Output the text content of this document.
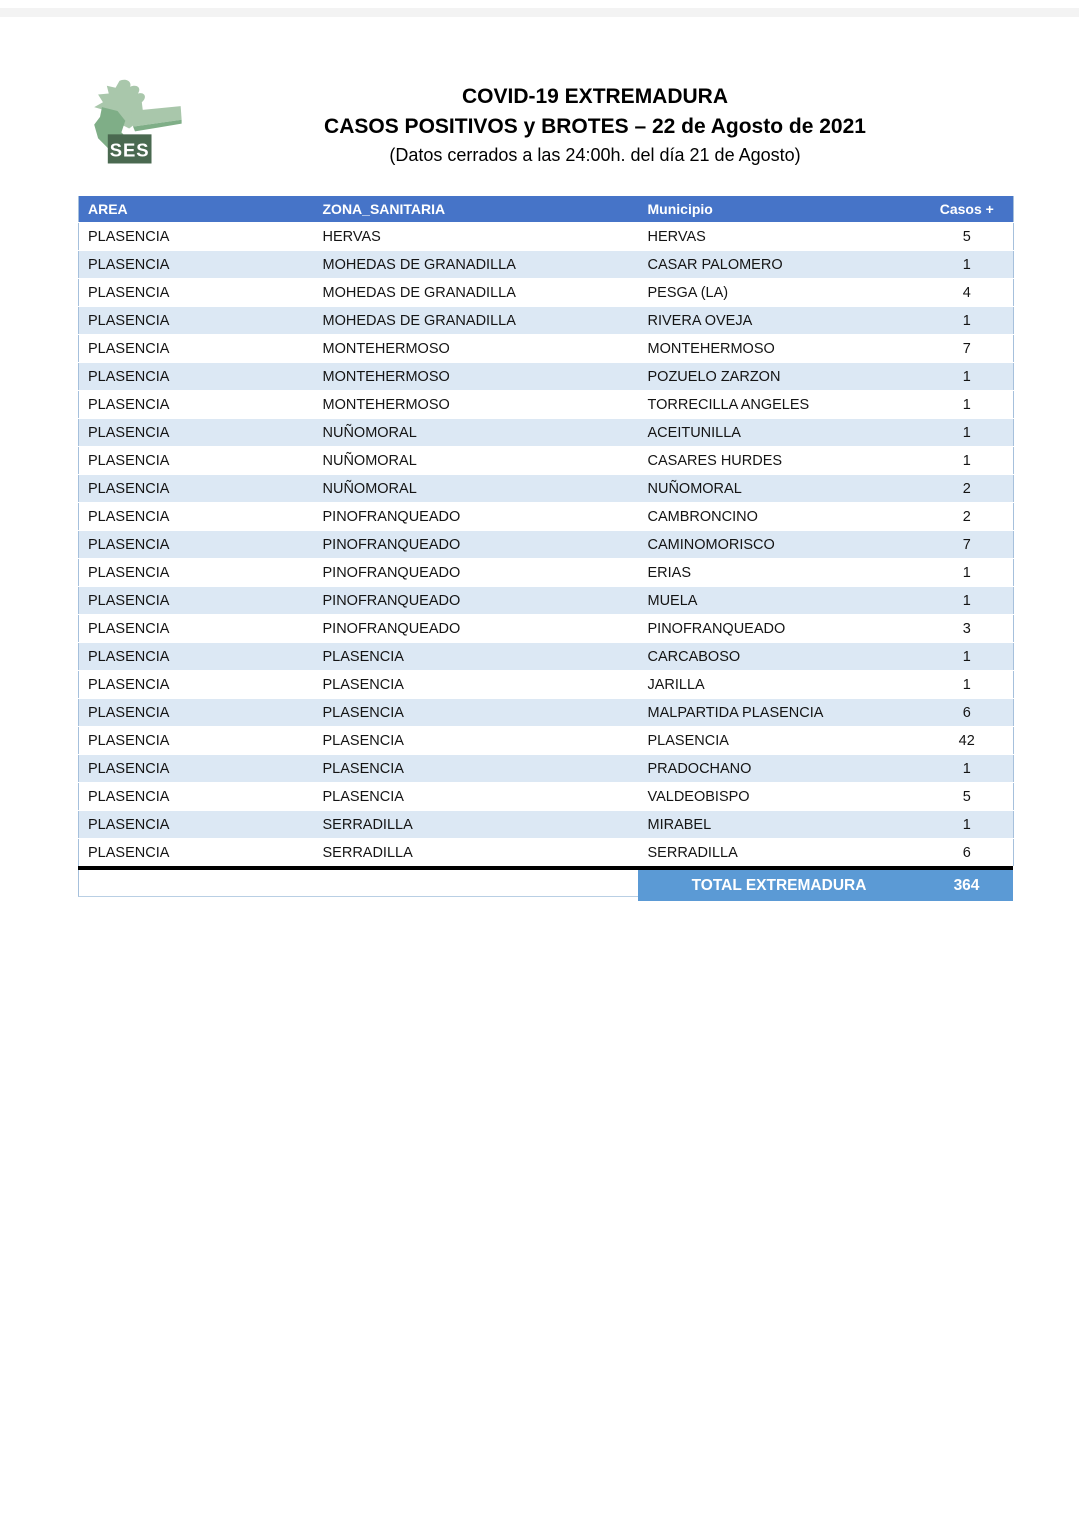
SES
COVID-19 EXTREMADURA
CASOS POSITIVOS y BROTES – 22 de Agosto de 2021
(Datos cerrados a las 24:00h. del día 21 de Agosto)
AREA	ZONA_SANITARIA	Municipio	Casos +
PLASENCIA	HERVAS	HERVAS	5
PLASENCIA	MOHEDAS DE GRANADILLA	CASAR PALOMERO	1
PLASENCIA	MOHEDAS DE GRANADILLA	PESGA (LA)	4
PLASENCIA	MOHEDAS DE GRANADILLA	RIVERA OVEJA	1
PLASENCIA	MONTEHERMOSO	MONTEHERMOSO	7
PLASENCIA	MONTEHERMOSO	POZUELO ZARZON	1
PLASENCIA	MONTEHERMOSO	TORRECILLA ANGELES	1
PLASENCIA	NUÑOMORAL	ACEITUNILLA	1
PLASENCIA	NUÑOMORAL	CASARES HURDES	1
PLASENCIA	NUÑOMORAL	NUÑOMORAL	2
PLASENCIA	PINOFRANQUEADO	CAMBRONCINO	2
PLASENCIA	PINOFRANQUEADO	CAMINOMORISCO	7
PLASENCIA	PINOFRANQUEADO	ERIAS	1
PLASENCIA	PINOFRANQUEADO	MUELA	1
PLASENCIA	PINOFRANQUEADO	PINOFRANQUEADO	3
PLASENCIA	PLASENCIA	CARCABOSO	1
PLASENCIA	PLASENCIA	JARILLA	1
PLASENCIA	PLASENCIA	MALPARTIDA PLASENCIA	6
PLASENCIA	PLASENCIA	PLASENCIA	42
PLASENCIA	PLASENCIA	PRADOCHANO	1
PLASENCIA	PLASENCIA	VALDEOBISPO	5
PLASENCIA	SERRADILLA	MIRABEL	1
PLASENCIA	SERRADILLA	SERRADILLA	6
TOTAL EXTREMADURA	364
